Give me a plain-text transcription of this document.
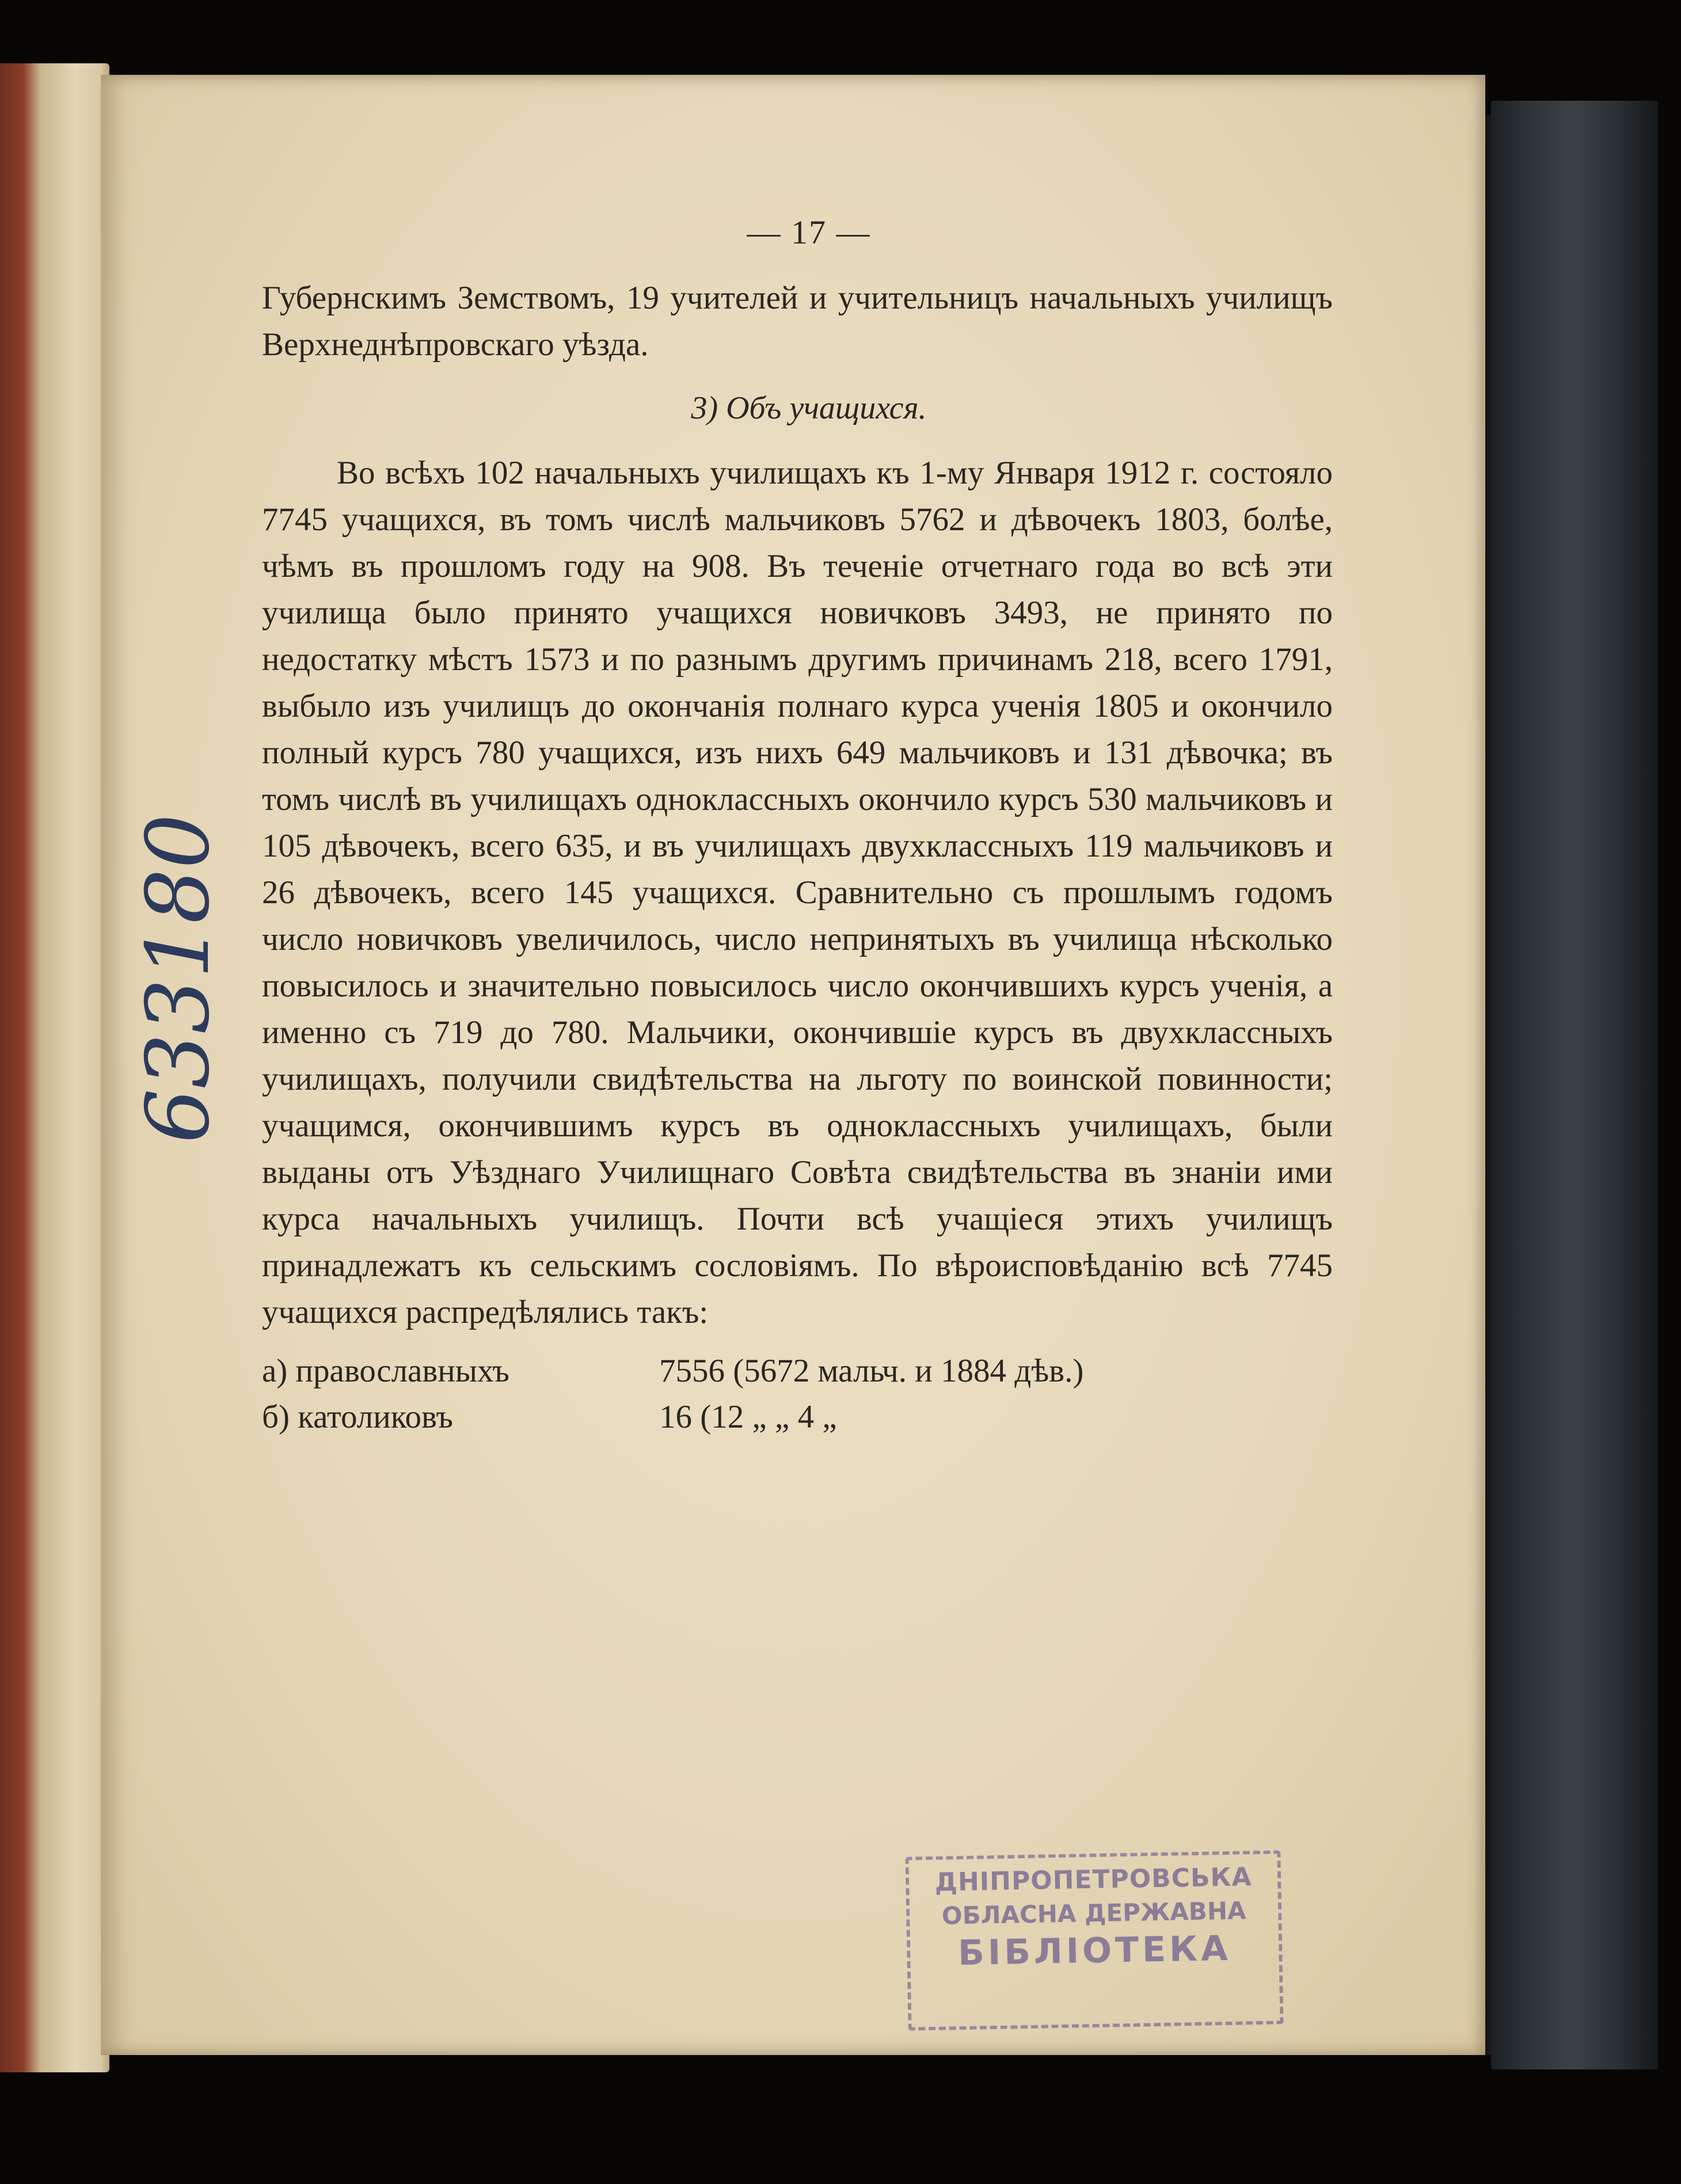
— 17 —

Губернскимъ Земствомъ, 19 учителей и учительницъ начальныхъ училищъ Верхнеднѣпровскаго уѣзда.

3) Объ учащихся.

Во всѣхъ 102 начальныхъ училищахъ къ 1-му Января 1912 г. состояло 7745 учащихся, въ томъ числѣ мальчиковъ 5762 и дѣвочекъ 1803, болѣе, чѣмъ въ прошломъ году на 908. Въ теченіе отчетнаго года во всѣ эти училища было принято учащихся новичковъ 3493, не принято по недостатку мѣстъ 1573 и по разнымъ другимъ причинамъ 218, всего 1791, выбыло изъ училищъ до окончанія полнаго курса ученія 1805 и окончило полный курсъ 780 учащихся, изъ нихъ 649 мальчиковъ и 131 дѣвочка; въ томъ числѣ въ училищахъ одноклассныхъ окончило курсъ 530 мальчиковъ и 105 дѣвочекъ, всего 635, и въ училищахъ двухклассныхъ 119 мальчиковъ и 26 дѣвочекъ, всего 145 учащихся. Сравнительно съ прошлымъ годомъ число новичковъ увеличилось, число непринятыхъ въ училища нѣсколько повысилось и значительно повысилось число окончившихъ курсъ ученія, а именно съ 719 до 780. Мальчики, окончившіе курсъ въ двухклассныхъ училищахъ, получили свидѣтельства на льготу по воинской повинности; учащимся, окончившимъ курсъ въ одноклассныхъ училищахъ, были выданы отъ Уѣзднаго Училищнаго Совѣта свидѣтельства въ знаніи ими курса начальныхъ училищъ. Почти всѣ учащіеся этихъ училищъ принадлежатъ къ сельскимъ сословіямъ. По вѣроисповѣданію всѣ 7745 учащихся распредѣлялись такъ:

а) православныхъ	7556 (5672 мальч. и 1884 дѣв.)
б) католиковъ	16 (12 „ „ 4 „
ДНІПРОПЕТРОВСЬКА
ОБЛАСНА ДЕРЖАВНА
БІБЛІОТЕКА
633180
